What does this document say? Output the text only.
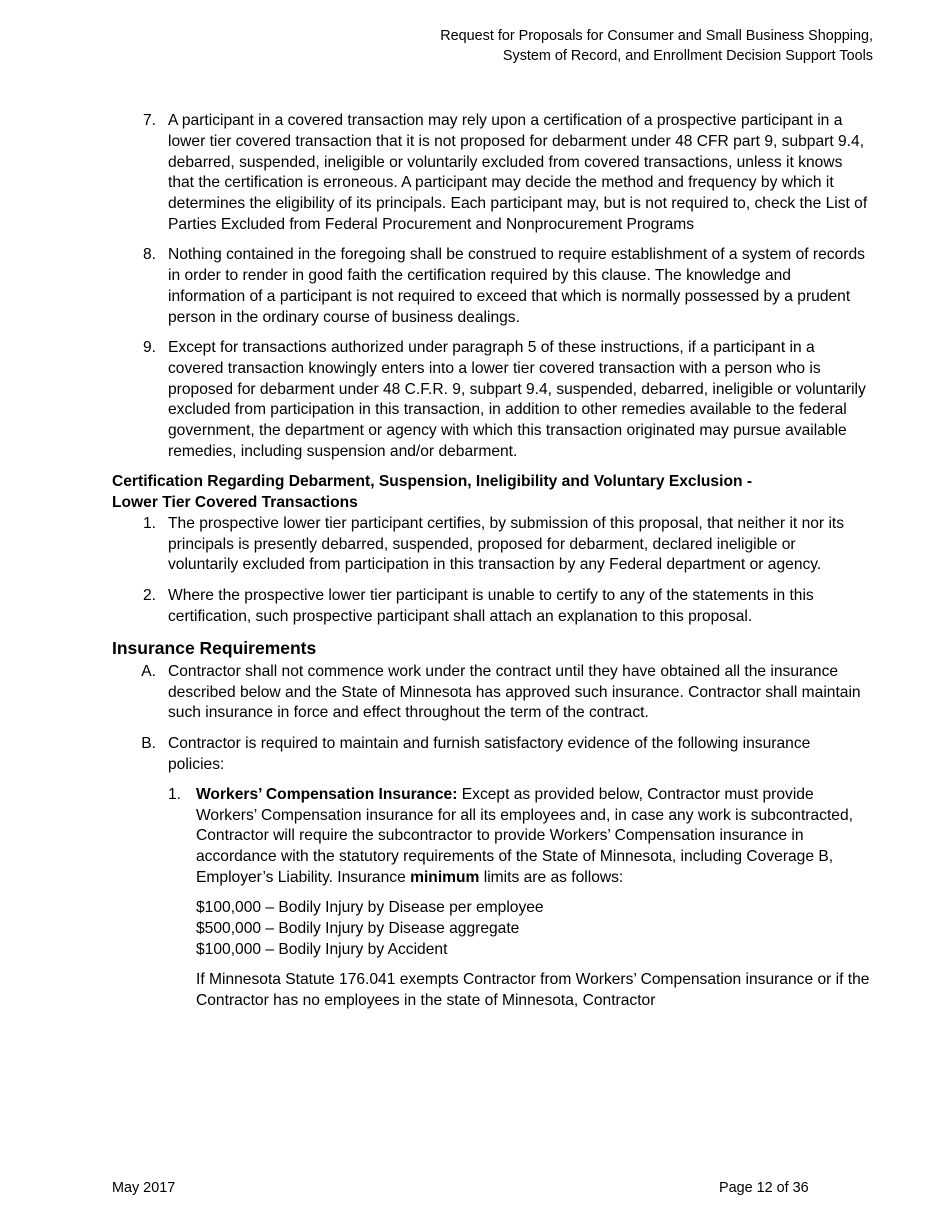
Request for Proposals for Consumer and Small Business Shopping,
System of Record, and Enrollment Decision Support Tools
7. A participant in a covered transaction may rely upon a certification of a prospective participant in a lower tier covered transaction that it is not proposed for debarment under 48 CFR part 9, subpart 9.4, debarred, suspended, ineligible or voluntarily excluded from covered transactions, unless it knows that the certification is erroneous. A participant may decide the method and frequency by which it determines the eligibility of its principals. Each participant may, but is not required to, check the List of Parties Excluded from Federal Procurement and Nonprocurement Programs
8. Nothing contained in the foregoing shall be construed to require establishment of a system of records in order to render in good faith the certification required by this clause. The knowledge and information of a participant is not required to exceed that which is normally possessed by a prudent person in the ordinary course of business dealings.
9. Except for transactions authorized under paragraph 5 of these instructions, if a participant in a covered transaction knowingly enters into a lower tier covered transaction with a person who is proposed for debarment under 48 C.F.R. 9, subpart 9.4, suspended, debarred, ineligible or voluntarily excluded from participation in this transaction, in addition to other remedies available to the federal government, the department or agency with which this transaction originated may pursue available remedies, including suspension and/or debarment.
Certification Regarding Debarment, Suspension, Ineligibility and Voluntary Exclusion -
Lower Tier Covered Transactions
1. The prospective lower tier participant certifies, by submission of this proposal, that neither it nor its principals is presently debarred, suspended, proposed for debarment, declared ineligible or voluntarily excluded from participation in this transaction by any Federal department or agency.
2. Where the prospective lower tier participant is unable to certify to any of the statements in this certification, such prospective participant shall attach an explanation to this proposal.
Insurance Requirements
A. Contractor shall not commence work under the contract until they have obtained all the insurance described below and the State of Minnesota has approved such insurance. Contractor shall maintain such insurance in force and effect throughout the term of the contract.
B. Contractor is required to maintain and furnish satisfactory evidence of the following insurance policies:
1. Workers’ Compensation Insurance: Except as provided below, Contractor must provide Workers’ Compensation insurance for all its employees and, in case any work is subcontracted, Contractor will require the subcontractor to provide Workers’ Compensation insurance in accordance with the statutory requirements of the State of Minnesota, including Coverage B, Employer’s Liability. Insurance minimum limits are as follows:
$100,000 – Bodily Injury by Disease per employee
$500,000 – Bodily Injury by Disease aggregate
$100,000 – Bodily Injury by Accident
If Minnesota Statute 176.041 exempts Contractor from Workers’ Compensation insurance or if the Contractor has no employees in the state of Minnesota, Contractor
May 2017	Page 12 of 36
